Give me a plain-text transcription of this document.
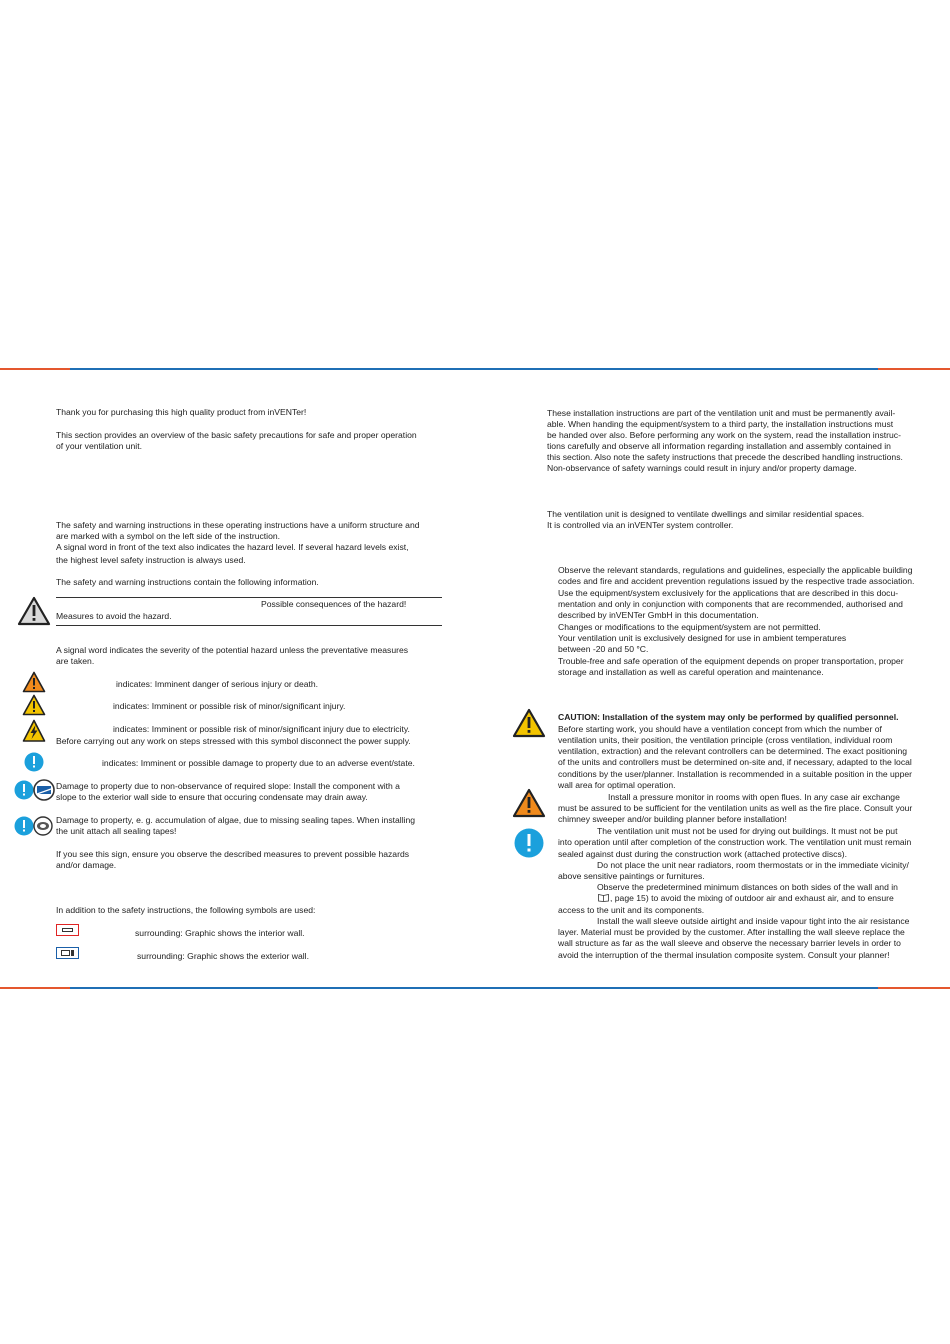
Thank you for purchasing this high quality product from inVENTer!

This section provides an overview of the basic safety precautions for safe and proper operation

of your ventilation unit.

The safety and warning instructions in these operating instructions have a uniform structure and

are marked with a symbol on the left side of the instruction.

A signal word in front of the text also indicates the hazard level. If several hazard levels exist,

the highest level safety instruction is always used.

The safety and warning instructions contain the following information.

Possible consequences of the hazard!

Measures to avoid the hazard.

A signal word indicates the severity of the potential hazard unless the preventative measures

are taken.

indicates: Imminent danger of serious injury or death.

indicates: Imminent or possible risk of minor/significant injury.

indicates: Imminent or possible risk of minor/significant injury due to electricity.

Before carrying out any work on steps stressed with this symbol disconnect the power supply.

indicates: Imminent or possible damage to property due to an adverse event/state.

Damage to property due to non-observance of required slope: Install the component with a

slope to the exterior wall side to ensure that occuring condensate may drain away.

Damage to property, e. g. accumulation of algae, due to missing sealing tapes. When installing

the unit attach all sealing tapes!

If you see this sign, ensure you observe the described measures to prevent possible hazards

and/or damage.

In addition to the safety instructions, the following symbols are used:

surrounding: Graphic shows the interior wall.

surrounding: Graphic shows the exterior wall.

These installation instructions are part of the ventilation unit and must be permanently avail-

able. When handing the equipment/system to a third party, the installation instructions must

be handed over also. Before performing any work on the system, read the installation instruc-

tions carefully and observe all information regarding installation and assembly contained in

this section. Also note the safety instructions that precede the described handling instructions.

Non-observance of safety warnings could result in injury and/or property damage.

The ventilation unit is designed to ventilate dwellings and similar residential spaces.

It is controlled via an inVENTer system controller.

Observe the relevant standards, regulations and guidelines, especially the applicable building

codes and fire and accident prevention regulations issued by the respective trade association.

Use the equipment/system exclusively for the applications that are described in this docu-

mentation and only in conjunction with components that are recommended, authorised and

described by inVENTer GmbH in this documentation.

Changes or modifications to the equipment/system are not permitted.

Your ventilation unit is exclusively designed for use in ambient temperatures

between -20 and 50 °C.

Trouble-free and safe operation of the equipment depends on proper transportation, proper

storage and installation as well as careful operation and maintenance.

CAUTION: Installation of the system may only be performed by qualified personnel.

Before starting work, you should have a ventilation concept from which the number of

ventilation units, their position, the ventilation principle (cross ventilation, individual room

ventilation, extraction) and the relevant controllers can be determined. The exact positioning

of the units and controllers must be determined on-site and, if necessary, adapted to the local

conditions by the user/planner. Installation is recommended in a suitable position in the upper

wall area for optimal operation.

Install a pressure monitor in rooms with open flues. In any case air exchange

must be assured to be sufficient for the ventilation units as well as the fire place. Consult your

chimney sweeper and/or building planner before installation!

The ventilation unit must not be used for drying out buildings. It must not be put

into operation until after completion of the construction work. The ventilation unit must remain

sealed against dust during the construction work (attached protective discs).

Do not place the unit near radiators, room thermostats or in the immediate vicinity/

above sensitive paintings or furnitures.

Observe the predetermined minimum distances on both sides of the wall and in

, page 15) to avoid the mixing of outdoor air and exhaust air, and to ensure

access to the unit and its components.

Install the wall sleeve outside airtight and inside vapour tight into the air resistance

layer. Material must be provided by the customer. After installing the wall sleeve replace the

wall structure as far as the wall sleeve and observe the necessary barrier levels in order to

avoid the interruption of the thermal insulation composite system. Consult your planner!
